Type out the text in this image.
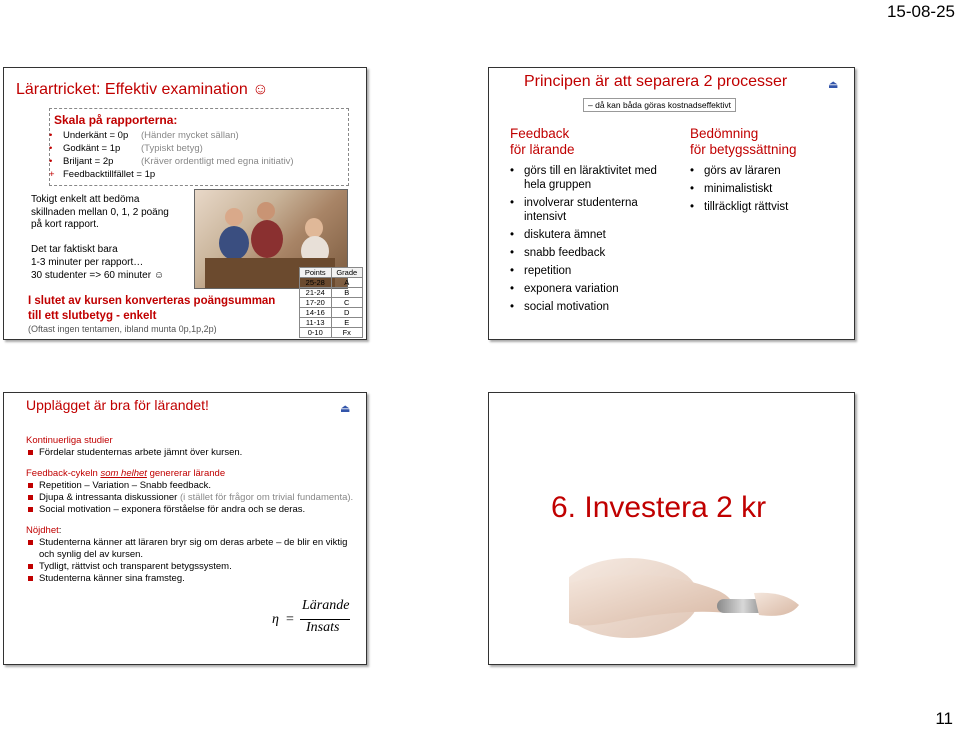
15-08-25
Lärartricket: Effektiv examination ☺
Skala på rapporterna:
• Underkänt = 0p (Händer mycket sällan)
• Godkänt = 1p (Typiskt betyg)
• Briljant = 2p	(Kräver ordentligt med egna initiativ)
+ Feedbacktillfället = 1p
Tokigt enkelt att bedöma
skillnaden mellan 0, 1, 2 poäng
på kort rapport.
Det tar faktiskt bara
1-3 minuter per rapport…
30 studenter => 60 minuter ☺
I slutet av kursen konverteras poängsumman
till ett slutbetyg - enkelt
(Oftast ingen tentamen, ibland munta 0p,1p,2p)
Points	Grade
25-28	A
21-24	B
17-20	C
14-16	D
11-13	E
0-10	Fx
Principen är att separera 2 processer	⏏
– då kan båda göras kostnadseffektivt
Feedback
för lärande
• görs till en läraktivitet med hela gruppen
• involverar studenterna intensivt
• diskutera ämnet
• snabb feedback
• repetition
• exponera variation
• social motivation
Bedömning
för betygssättning
• görs av läraren
• minimalistiskt
• tillräckligt rättvist
Upplägget är bra för lärandet!	⏏
Kontinuerliga studier
Fördelar studenternas arbete jämnt över kursen.
Feedback-cykeln som helhet genererar lärande
Repetition – Variation – Snabb feedback.
Djupa & intressanta diskussioner (i stället för frågor om trivial fundamenta).
Social motivation – exponera förståelse för andra och se deras.
Nöjdhet:
Studenterna känner att läraren bryr sig om deras arbete – de blir en viktig och synlig del av kursen.
Tydligt, rättvist och transparent betygssystem.
Studenterna känner sina framsteg.
η =
Lärande
Insats
6. Investera 2 kr
11
